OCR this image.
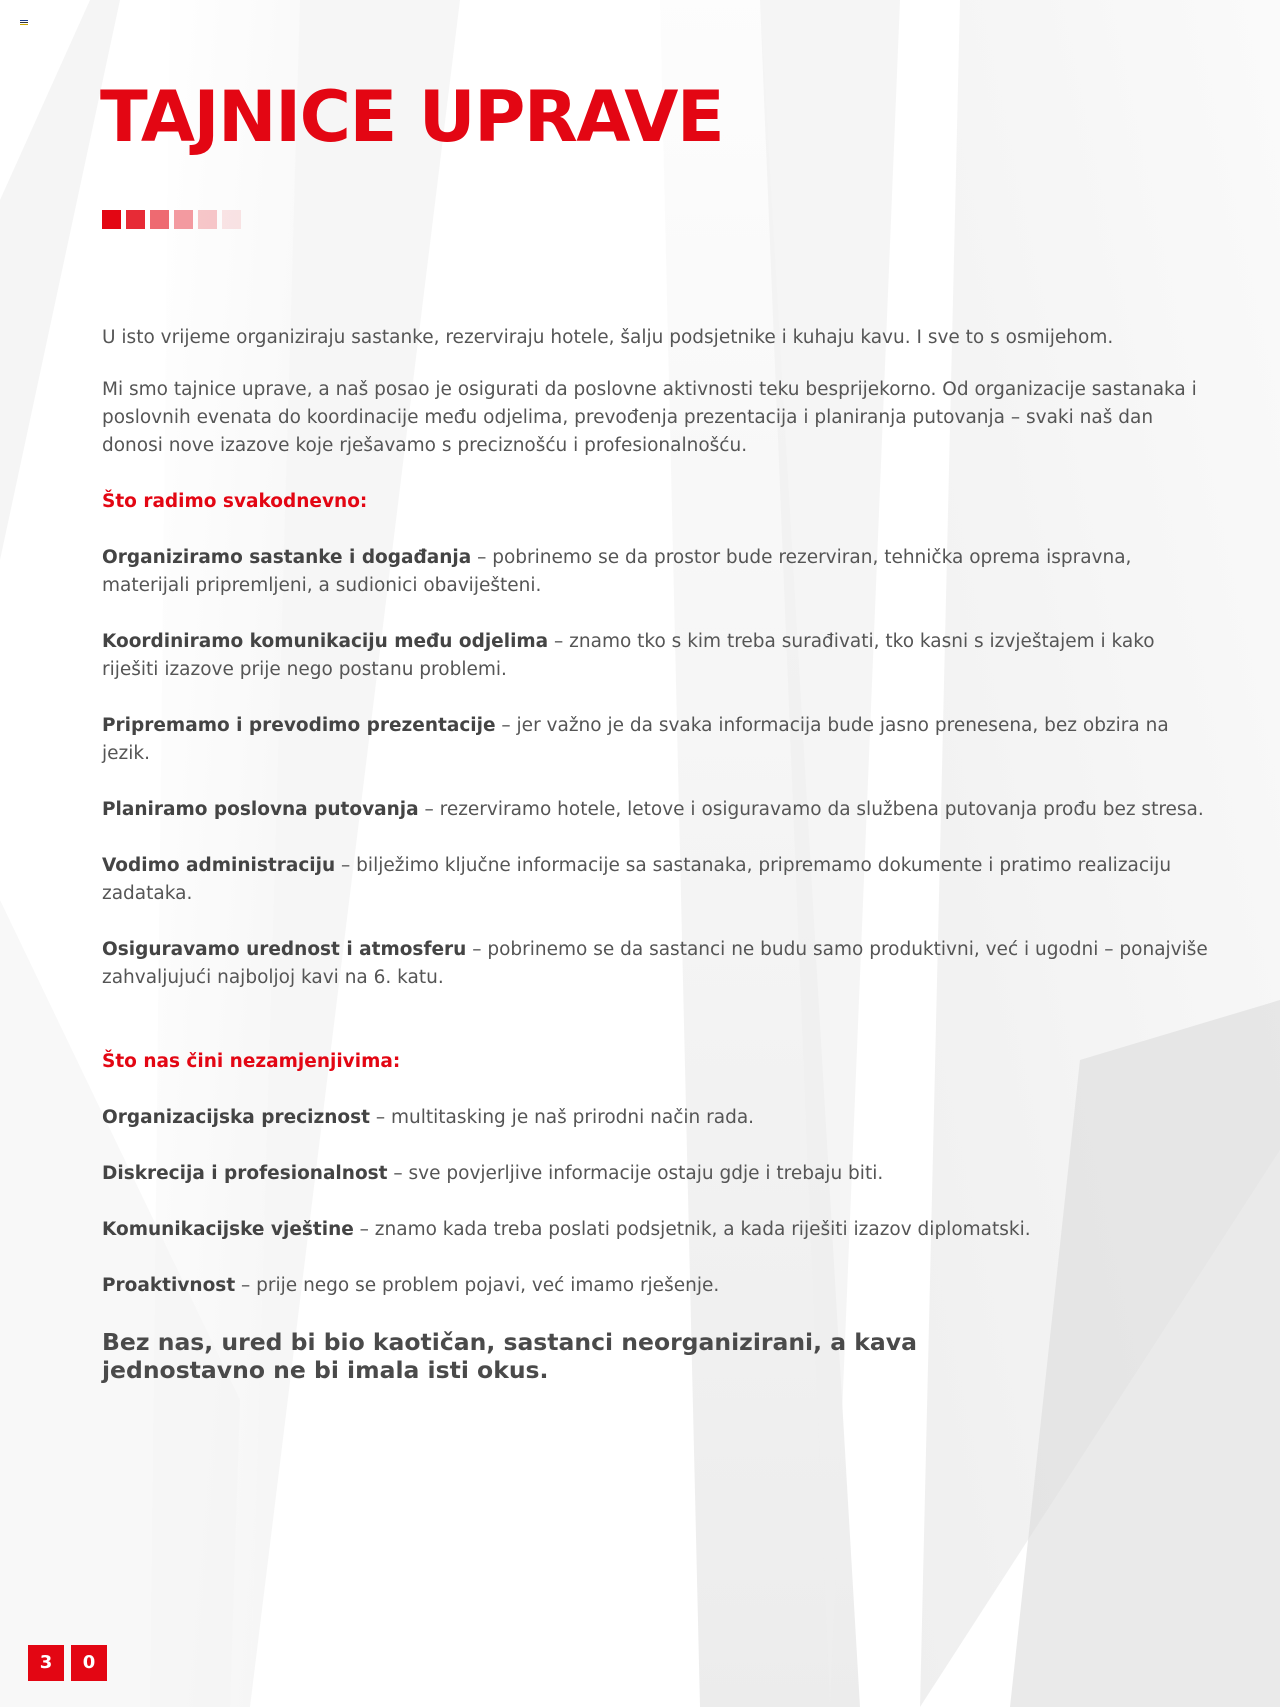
TAJNICE UPRAVE

U isto vrijeme organiziraju sastanke, rezerviraju hotele, šalju podsjetnike i kuhaju kavu. I sve to s osmijehom.

Mi smo tajnice uprave, a naš posao je osigurati da poslovne aktivnosti teku besprijekorno. Od organizacije sastanaka i poslovnih evenata do koordinacije među odjelima, prevođenja prezentacija i planiranja putovanja – svaki naš dan donosi nove izazove koje rješavamo s preciznošću i profesionalnošću.

Što radimo svakodnevno:

Organiziramo sastanke i događanja – pobrinemo se da prostor bude rezerviran, tehnička oprema ispravna, materijali pripremljeni, a sudionici obaviješteni.

Koordiniramo komunikaciju među odjelima – znamo tko s kim treba surađivati, tko kasni s izvještajem i kako riješiti izazove prije nego postanu problemi.

Pripremamo i prevodimo prezentacije – jer važno je da svaka informacija bude jasno prenesena, bez obzira na jezik.

Planiramo poslovna putovanja – rezerviramo hotele, letove i osiguravamo da službena putovanja prođu bez stresa.

Vodimo administraciju – bilježimo ključne informacije sa sastanaka, pripremamo dokumente i pratimo realizaciju zadataka.

Osiguravamo urednost i atmosferu – pobrinemo se da sastanci ne budu samo produktivni, već i ugodni – ponajviše zahvaljujući najboljoj kavi na 6. katu.

Što nas čini nezamjenjivima:

Organizacijska preciznost – multitasking je naš prirodni način rada.

Diskrecija i profesionalnost – sve povjerljive informacije ostaju gdje i trebaju biti.

Komunikacijske vještine – znamo kada treba poslati podsjetnik, a kada riješiti izazov diplomatski.

Proaktivnost – prije nego se problem pojavi, već imamo rješenje.

Bez nas, ured bi bio kaotičan, sastanci neorganizirani, a kava jednostavno ne bi imala isti okus.

3	0
